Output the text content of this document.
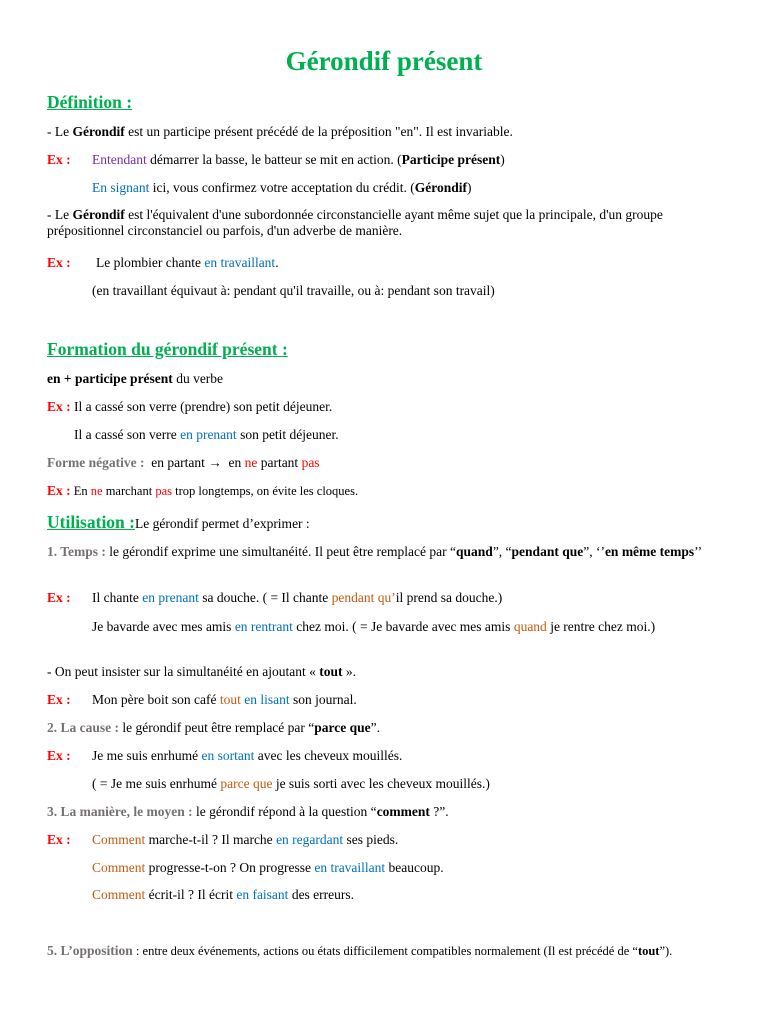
Gérondif présent
Définition :
- Le Gérondif est un participe présent précédé de la préposition "en". Il est invariable.
Ex : Entendant démarrer la basse, le batteur se mit en action. (Participe présent)
En signant ici, vous confirmez votre acceptation du crédit. (Gérondif)
- Le Gérondif est l'équivalent d'une subordonnée circonstancielle ayant même sujet que la principale, d'un groupe prépositionnel circonstanciel ou parfois, d'un adverbe de manière.
Ex : Le plombier chante en travaillant.
(en travaillant équivaut à: pendant qu'il travaille, ou à: pendant son travail)
Formation du gérondif présent :
en + participe présent du verbe
Ex : Il a cassé son verre (prendre) son petit déjeuner.
Il a cassé son verre en prenant son petit déjeuner.
Forme négative : en partant → en ne partant pas
Ex : En ne marchant pas trop longtemps, on évite les cloques.
Utilisation :Le gérondif permet d’exprimer :
1. Temps : le gérondif exprime une simultanéité. Il peut être remplacé par “quand”, “pendant que”, ‘’en même temps’’
Ex : Il chante en prenant sa douche. ( = Il chante pendant qu’il prend sa douche.)
Je bavarde avec mes amis en rentrant chez moi. ( = Je bavarde avec mes amis quand je rentre chez moi.)
- On peut insister sur la simultanéité en ajoutant « tout ».
Ex : Mon père boit son café tout en lisant son journal.
2. La cause : le gérondif peut être remplacé par “parce que”.
Ex : Je me suis enrhumé en sortant avec les cheveux mouillés.
( = Je me suis enrhumé parce que je suis sorti avec les cheveux mouillés.)
3. La manière, le moyen : le gérondif répond à la question “comment ?”.
Ex : Comment marche-t-il ? Il marche en regardant ses pieds.
Comment progresse-t-on ? On progresse en travaillant beaucoup.
Comment écrit-il ? Il écrit en faisant des erreurs.
5. L’opposition : entre deux événements, actions ou états difficilement compatibles normalement (Il est précédé de “tout”).
